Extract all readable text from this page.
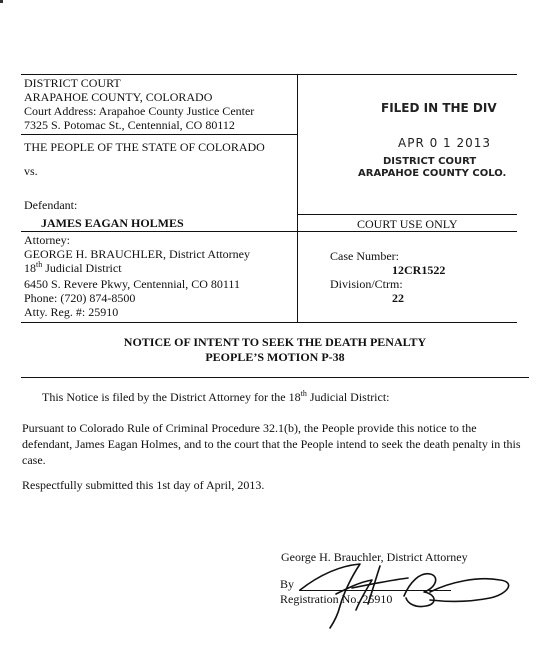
DISTRICT COURT
ARAPAHOE COUNTY, COLORADO
Court Address: Arapahoe County Justice Center
7325 S. Potomac St., Centennial, CO 80112
THE PEOPLE OF THE STATE OF COLORADO
vs.
Defendant:
JAMES EAGAN HOLMES
Attorney:
GEORGE H. BRAUCHLER, District Attorney
18th Judicial District
6450 S. Revere Pkwy, Centennial, CO 80111
Phone: (720) 874-8500
Atty. Reg. #: 25910
FILED IN THE DIV
APR 0 1 2013
DISTRICT COURT
ARAPAHOE COUNTY COLO.
COURT USE ONLY
Case Number:
12CR1522
Division/Ctrm:
22
NOTICE OF INTENT TO SEEK THE DEATH PENALTY
PEOPLE’S MOTION P-38
This Notice is filed by the District Attorney for the 18th Judicial District:
Pursuant to Colorado Rule of Criminal Procedure 32.1(b), the People provide this notice to the defendant, James Eagan Holmes, and to the court that the People intend to seek the death penalty in this case.
Respectfully submitted this 1st day of April, 2013.
George H. Brauchler, District Attorney
By
Registration No. 25910
